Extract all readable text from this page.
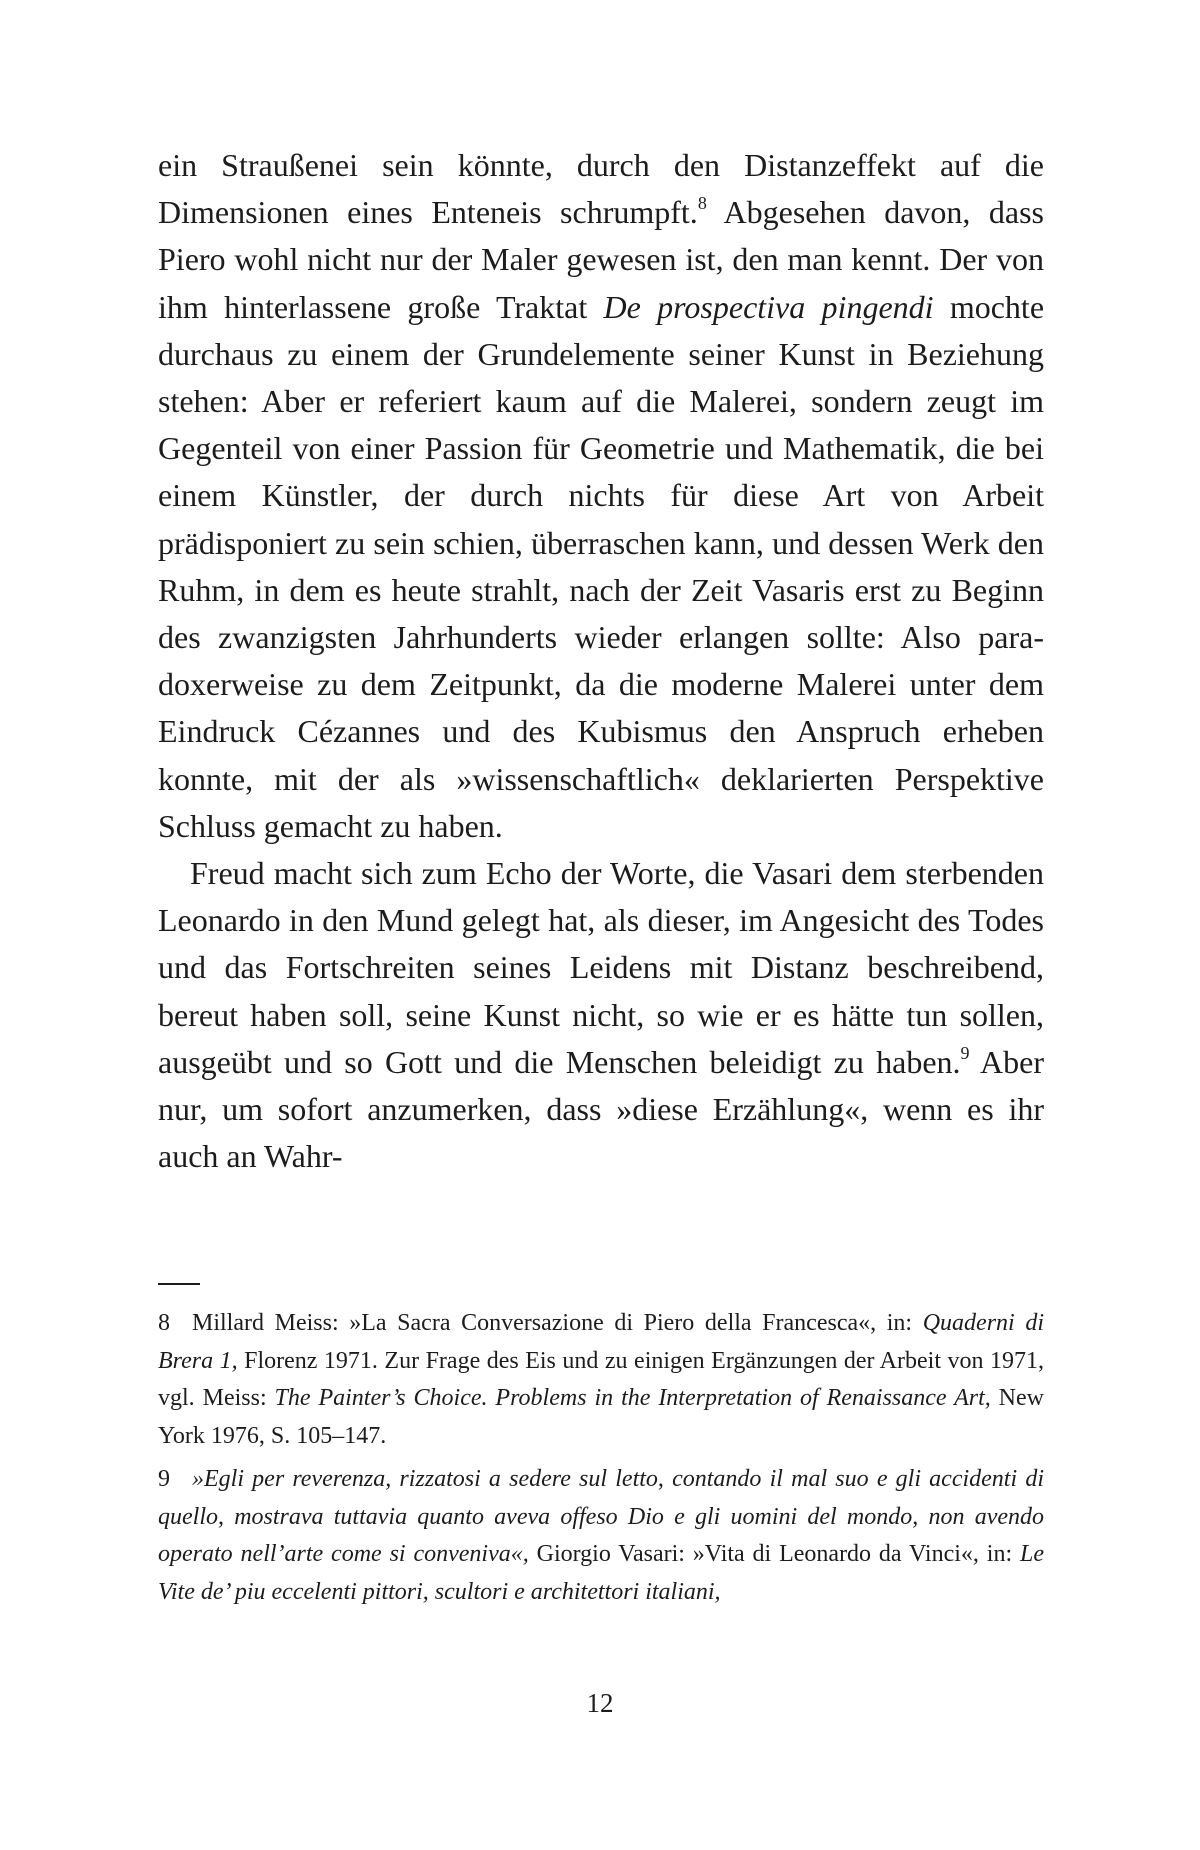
ein Straußenei sein könnte, durch den Distanzeffekt auf die Dimensionen eines Enteneis schrumpft.$^8$ Abgesehen davon, dass Piero wohl nicht nur der Maler gewesen ist, den man kennt. Der von ihm hinterlassene große Traktat De prospectiva pingendi mochte durchaus zu einem der Grundelemente seiner Kunst in Beziehung stehen: Aber er referiert kaum auf die Malerei, sondern zeugt im Gegenteil von einer Passion für Geometrie und Mathematik, die bei einem Künstler, der durch nichts für diese Art von Arbeit prädisponiert zu sein schien, überraschen kann, und dessen Werk den Ruhm, in dem es heute strahlt, nach der Zeit Vasaris erst zu Beginn des zwanzigsten Jahrhunderts wieder erlangen sollte: Also paradoxerweise zu dem Zeitpunkt, da die moderne Malerei unter dem Eindruck Cézannes und des Kubismus den Anspruch erheben konnte, mit der als »wissenschaftlich« deklarierten Perspektive Schluss gemacht zu haben.

Freud macht sich zum Echo der Worte, die Vasari dem sterbenden Leonardo in den Mund gelegt hat, als dieser, im Angesicht des Todes und das Fortschreiten seines Leidens mit Distanz beschreibend, bereut haben soll, seine Kunst nicht, so wie er es hätte tun sollen, ausgeübt und so Gott und die Menschen beleidigt zu haben.$^9$ Aber nur, um sofort anzumerken, dass »diese Erzählung«, wenn es ihr auch an Wahr-

8 Millard Meiss: »La Sacra Conversazione di Piero della Francesca«, in: Quaderni di Brera 1, Florenz 1971. Zur Frage des Eis und zu einigen Ergänzungen der Arbeit von 1971, vgl. Meiss: The Painter’s Choice. Problems in the Interpretation of Renaissance Art, New York 1976, S. 105–147.

9 »Egli per reverenza, rizzatosi a sedere sul letto, contando il mal suo e gli accidenti di quello, mostrava tuttavia quanto aveva offeso Dio e gli uomini del mondo, non avendo operato nell’arte come si conveniva«, Giorgio Vasari: »Vita di Leonardo da Vinci«, in: Le Vite de’ piu eccelenti pittori, scultori e architettori italiani,

12
